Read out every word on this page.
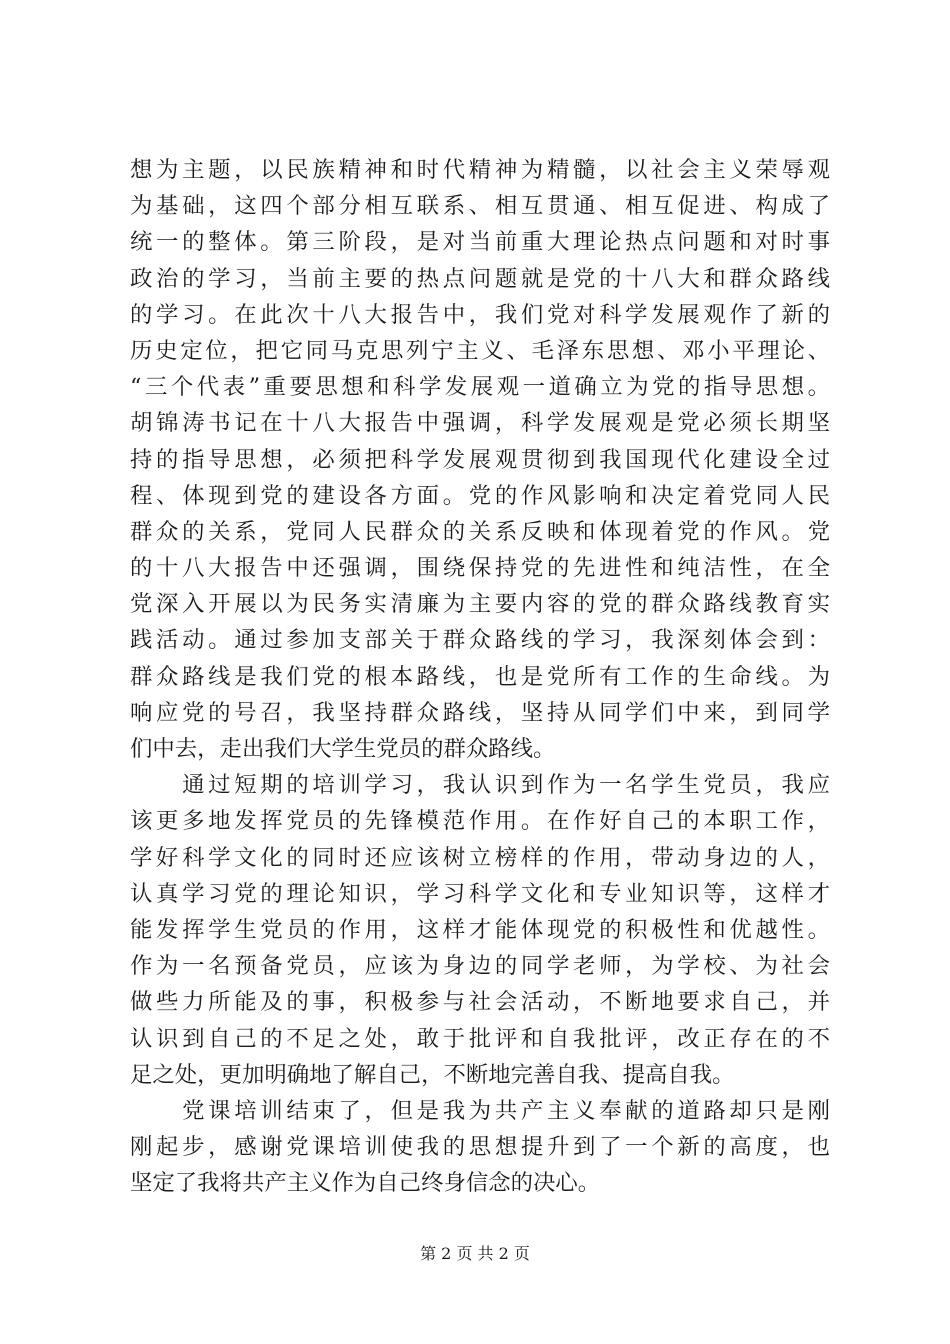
想为主题，以民族精神和时代精神为精髓，以社会主义荣辱观
为基础，这四个部分相互联系、相互贯通、相互促进、构成了
统一的整体。第三阶段，是对当前重大理论热点问题和对时事
政治的学习，当前主要的热点问题就是党的十八大和群众路线
的学习。在此次十八大报告中，我们党对科学发展观作了新的
历史定位，把它同马克思列宁主义、毛泽东思想、邓小平理论、
“三个代表”重要思想和科学发展观一道确立为党的指导思想。
胡锦涛书记在十八大报告中强调，科学发展观是党必须长期坚
持的指导思想，必须把科学发展观贯彻到我国现代化建设全过
程、体现到党的建设各方面。党的作风影响和决定着党同人民
群众的关系，党同人民群众的关系反映和体现着党的作风。党
的十八大报告中还强调，围绕保持党的先进性和纯洁性，在全
党深入开展以为民务实清廉为主要内容的党的群众路线教育实
践活动。通过参加支部关于群众路线的学习，我深刻体会到：
群众路线是我们党的根本路线，也是党所有工作的生命线。为
响应党的号召，我坚持群众路线，坚持从同学们中来，到同学
们中去，走出我们大学生党员的群众路线。
　　通过短期的培训学习，我认识到作为一名学生党员，我应
该更多地发挥党员的先锋模范作用。在作好自己的本职工作，
学好科学文化的同时还应该树立榜样的作用，带动身边的人，
认真学习党的理论知识，学习科学文化和专业知识等，这样才
能发挥学生党员的作用，这样才能体现党的积极性和优越性。
作为一名预备党员，应该为身边的同学老师，为学校、为社会
做些力所能及的事，积极参与社会活动，不断地要求自己，并
认识到自己的不足之处，敢于批评和自我批评，改正存在的不
足之处，更加明确地了解自己，不断地完善自我、提高自我。
　　党课培训结束了，但是我为共产主义奉献的道路却只是刚
刚起步，感谢党课培训使我的思想提升到了一个新的高度，也
坚定了我将共产主义作为自己终身信念的决心。
第 2 页 共 2 页
